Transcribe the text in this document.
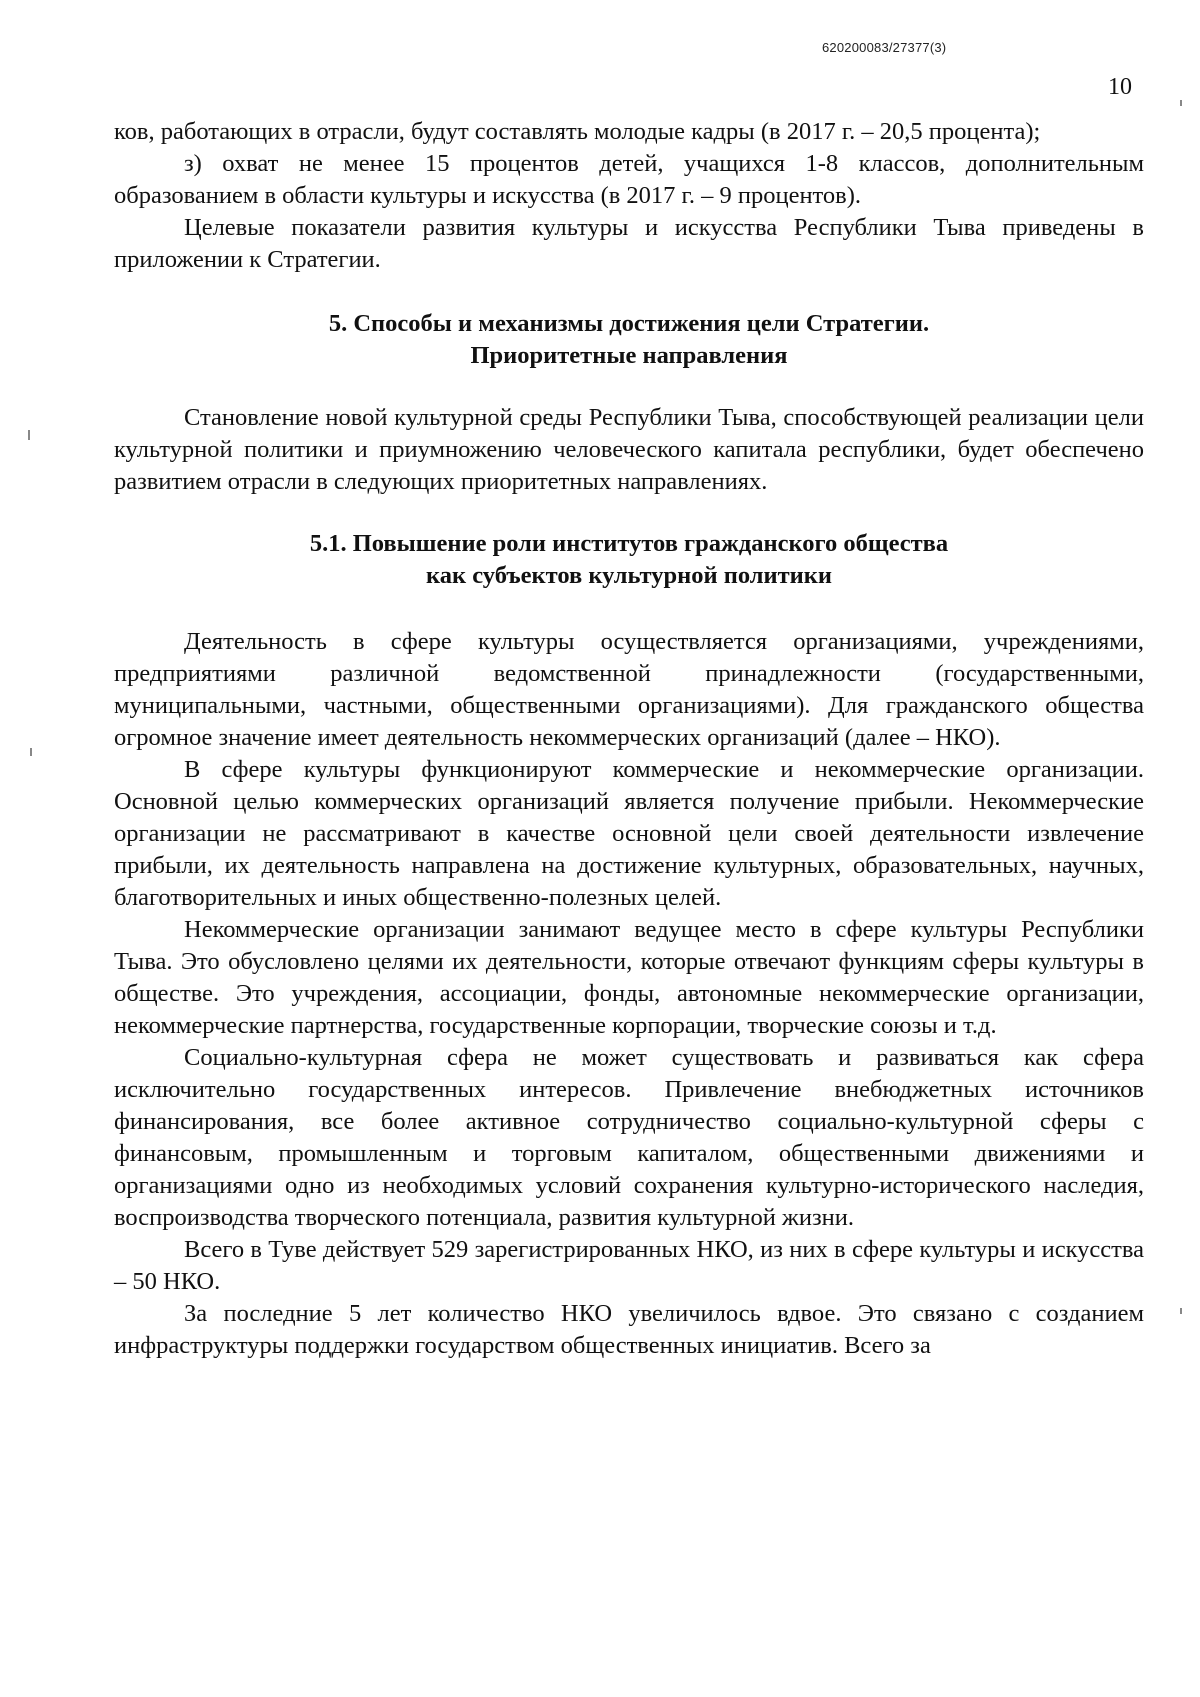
620200083/27377(3)
10

ков, работающих в отрасли, будут составлять молодые кадры (в 2017 г. – 20,5 процента);

з) охват не менее 15 процентов детей, учащихся 1-8 классов, дополнительным образованием в области культуры и искусства (в 2017 г. – 9 процентов).

Целевые показатели развития культуры и искусства Республики Тыва приведены в приложении к Стратегии.

5. Способы и механизмы достижения цели Стратегии.
Приоритетные направления

Становление новой культурной среды Республики Тыва, способствующей реализации цели культурной политики и приумножению человеческого капитала республики, будет обеспечено развитием отрасли в следующих приоритетных направлениях.

5.1. Повышение роли институтов гражданского общества
как субъектов культурной политики

Деятельность в сфере культуры осуществляется организациями, учреждениями, предприятиями различной ведомственной принадлежности (государственными, муниципальными, частными, общественными организациями). Для гражданского общества огромное значение имеет деятельность некоммерческих организаций (далее – НКО).

В сфере культуры функционируют коммерческие и некоммерческие организации. Основной целью коммерческих организаций является получение прибыли. Некоммерческие организации не рассматривают в качестве основной цели своей деятельности извлечение прибыли, их деятельность направлена на достижение культурных, образовательных, научных, благотворительных и иных общественно-полезных целей.

Некоммерческие организации занимают ведущее место в сфере культуры Республики Тыва. Это обусловлено целями их деятельности, которые отвечают функциям сферы культуры в обществе. Это учреждения, ассоциации, фонды, автономные некоммерческие организации, некоммерческие партнерства, государственные корпорации, творческие союзы и т.д.

Социально-культурная сфера не может существовать и развиваться как сфера исключительно государственных интересов. Привлечение внебюджетных источников финансирования, все более активное сотрудничество социально-культурной сферы с финансовым, промышленным и торговым капиталом, общественными движениями и организациями одно из необходимых условий сохранения культурно-исторического наследия, воспроизводства творческого потенциала, развития культурной жизни.

Всего в Туве действует 529 зарегистрированных НКО, из них в сфере культуры и искусства – 50 НКО.

За последние 5 лет количество НКО увеличилось вдвое. Это связано с созданием инфраструктуры поддержки государством общественных инициатив. Всего за
